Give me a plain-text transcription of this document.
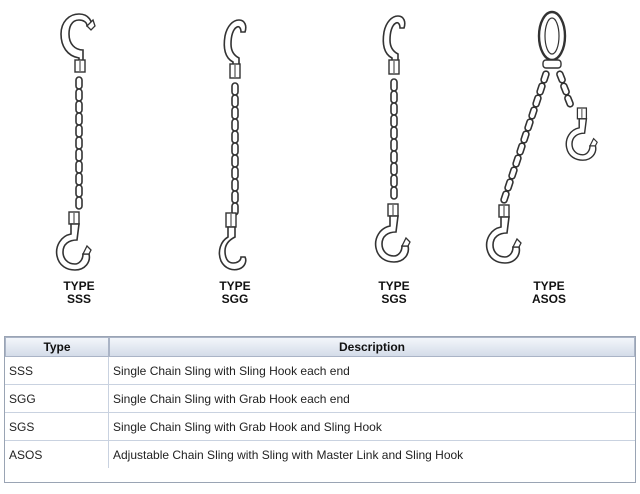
TYPE
SSS
TYPE
SGG
TYPE
SGS
TYPE
ASOS
Type	Description
SSS	Single Chain Sling with Sling Hook each end
SGG	Single Chain Sling with Grab Hook each end
SGS	Single Chain Sling with Grab Hook and Sling Hook
ASOS	Adjustable Chain Sling with Sling with Master Link and Sling Hook
